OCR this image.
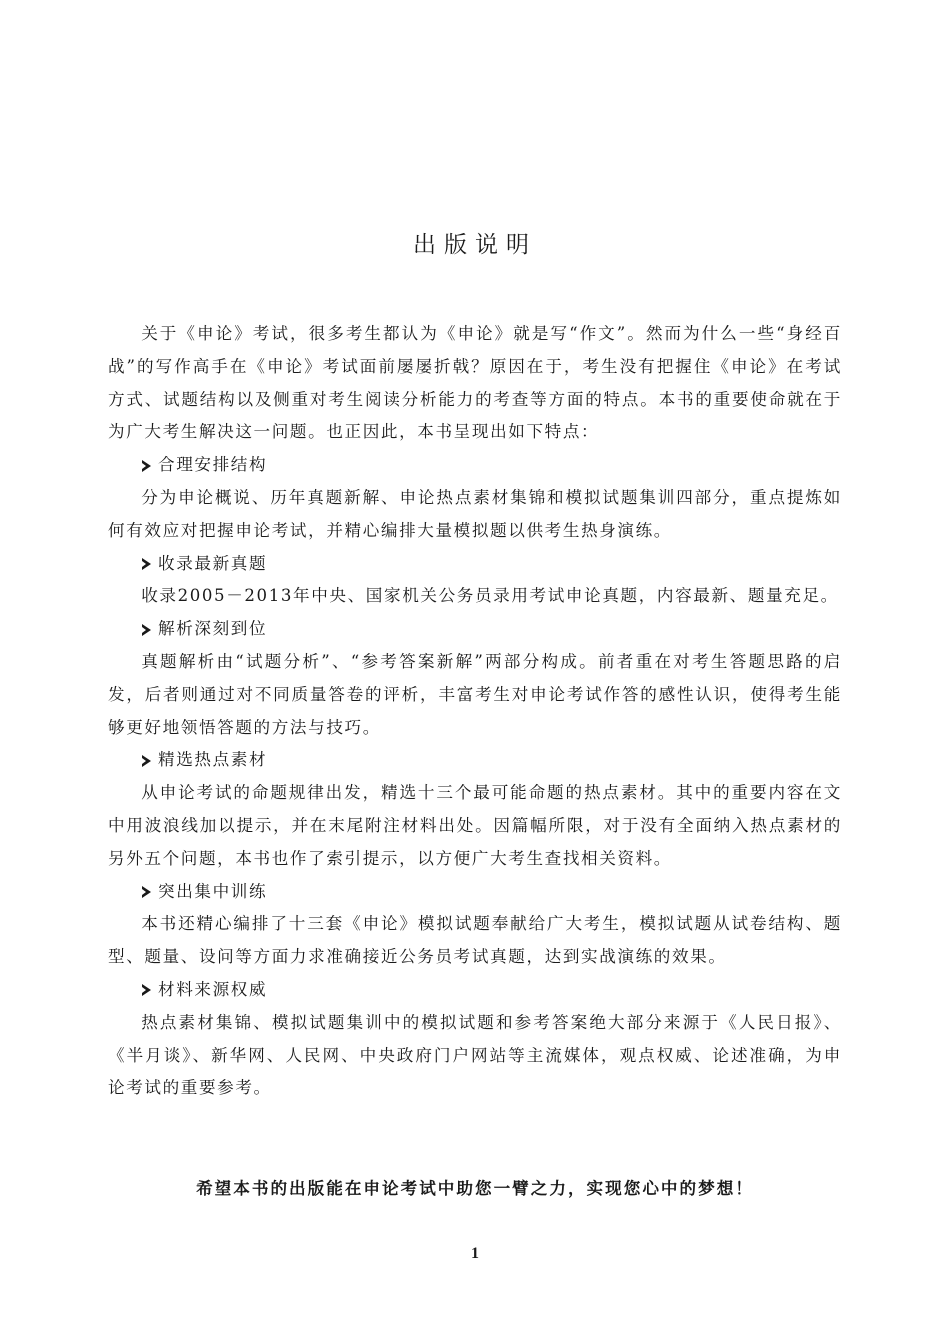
出版说明

关于《申论》考试，很多考生都认为《申论》就是写“作文”。然而为什么一些“身经百战”的写作高手在《申论》考试面前屡屡折戟？原因在于，考生没有把握住《申论》在考试方式、试题结构以及侧重对考生阅读分析能力的考查等方面的特点。本书的重要使命就在于为广大考生解决这一问题。也正因此，本书呈现出如下特点：

合理安排结构

分为申论概说、历年真题新解、申论热点素材集锦和模拟试题集训四部分，重点提炼如何有效应对把握申论考试，并精心编排大量模拟题以供考生热身演练。

收录最新真题

收录2005－2013年中央、国家机关公务员录用考试申论真题，内容最新、题量充足。

解析深刻到位

真题解析由“试题分析”、“参考答案新解”两部分构成。前者重在对考生答题思路的启发，后者则通过对不同质量答卷的评析，丰富考生对申论考试作答的感性认识，使得考生能够更好地领悟答题的方法与技巧。

精选热点素材

从申论考试的命题规律出发，精选十三个最可能命题的热点素材。其中的重要内容在文中用波浪线加以提示，并在末尾附注材料出处。因篇幅所限，对于没有全面纳入热点素材的另外五个问题，本书也作了索引提示，以方便广大考生查找相关资料。

突出集中训练

本书还精心编排了十三套《申论》模拟试题奉献给广大考生，模拟试题从试卷结构、题型、题量、设问等方面力求准确接近公务员考试真题，达到实战演练的效果。

材料来源权威

热点素材集锦、模拟试题集训中的模拟试题和参考答案绝大部分来源于《人民日报》、《半月谈》、新华网、人民网、中央政府门户网站等主流媒体，观点权威、论述准确，为申论考试的重要参考。

希望本书的出版能在申论考试中助您一臂之力，实现您心中的梦想！

1
